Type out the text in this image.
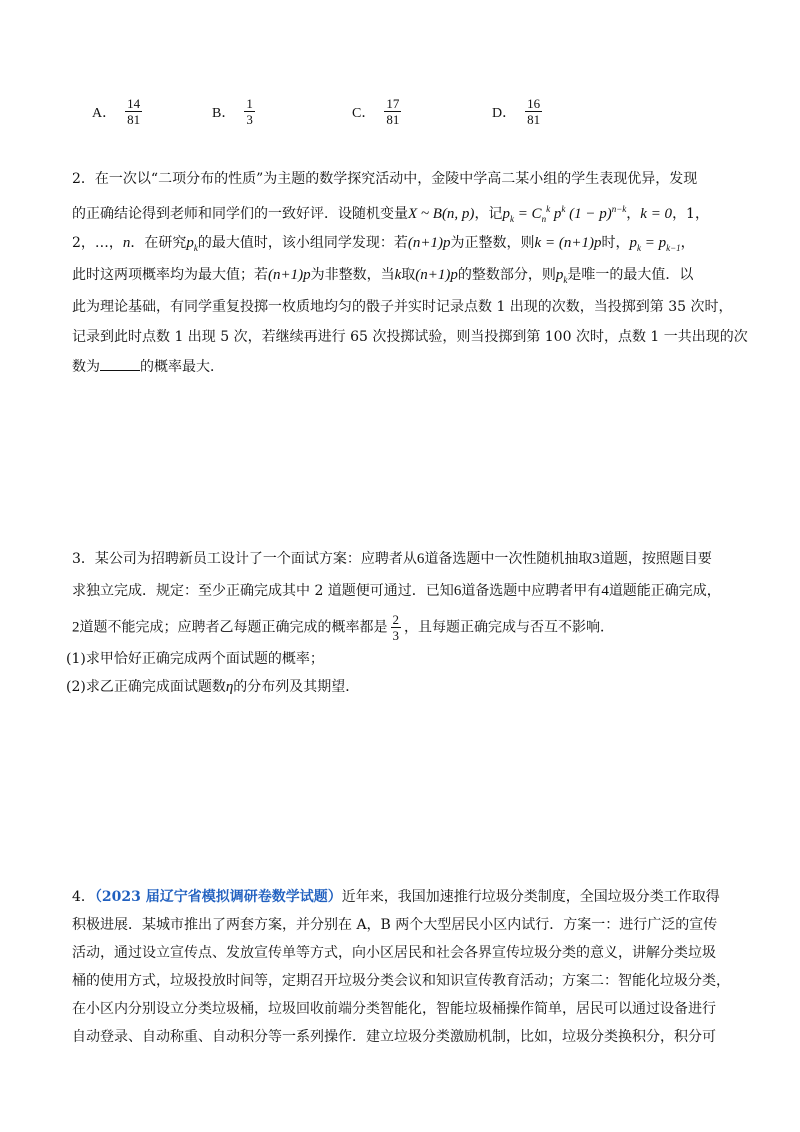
A． $\frac{14}{81}$	B． $\frac{1}{3}$	C． $\frac{17}{81}$	D． $\frac{16}{81}$
2．在一次以“二项分布的性质”为主题的数学探究活动中，金陵中学高二某小组的学生表现优异，发现
的正确结论得到老师和同学们的一致好评．设随机变量X ~ B(n, p)，记$p_k = C_n^k$ $p^k$ $(1 - p)^{n-k}$，k = 0，1，
2，…，n．在研究$p_k$的最大值时，该小组同学发现：若(n+1)p为正整数，则k = (n+1)p时，$p_k = p_{k-1}$，
此时这两项概率均为最大值；若(n+1)p为非整数，当k取(n+1)p的整数部分，则$p_k$是唯一的最大值．以
此为理论基础，有同学重复投掷一枚质地均匀的骰子并实时记录点数 1 出现的次数，当投掷到第 35 次时，
记录到此时点数 1 出现 5 次，若继续再进行 65 次投掷试验，则当投掷到第 100 次时，点数 1 一共出现的次
数为	的概率最大．
3．某公司为招聘新员工设计了一个面试方案：应聘者从6道备选题中一次性随机抽取3道题，按照题目要
求独立完成．规定：至少正确完成其中 2 道题便可通过．已知6道备选题中应聘者甲有4道题能正确完成，
2道题不能完成；应聘者乙每题正确完成的概率都是 $\frac{2}{3}$ ，且每题正确完成与否互不影响．
(1)求甲恰好正确完成两个面试题的概率；
(2)求乙正确完成面试题数η的分布列及其期望．
4．（2023 届辽宁省模拟调研卷数学试题）近年来，我国加速推行垃圾分类制度，全国垃圾分类工作取得
积极进展．某城市推出了两套方案，并分别在 A，B 两个大型居民小区内试行．方案一：进行广泛的宣传
活动，通过设立宣传点、发放宣传单等方式，向小区居民和社会各界宣传垃圾分类的意义，讲解分类垃圾
桶的使用方式，垃圾投放时间等，定期召开垃圾分类会议和知识宣传教育活动；方案二：智能化垃圾分类，
在小区内分别设立分类垃圾桶，垃圾回收前端分类智能化，智能垃圾桶操作简单，居民可以通过设备进行
自动登录、自动称重、自动积分等一系列操作．建立垃圾分类激励机制，比如，垃圾分类换积分，积分可
